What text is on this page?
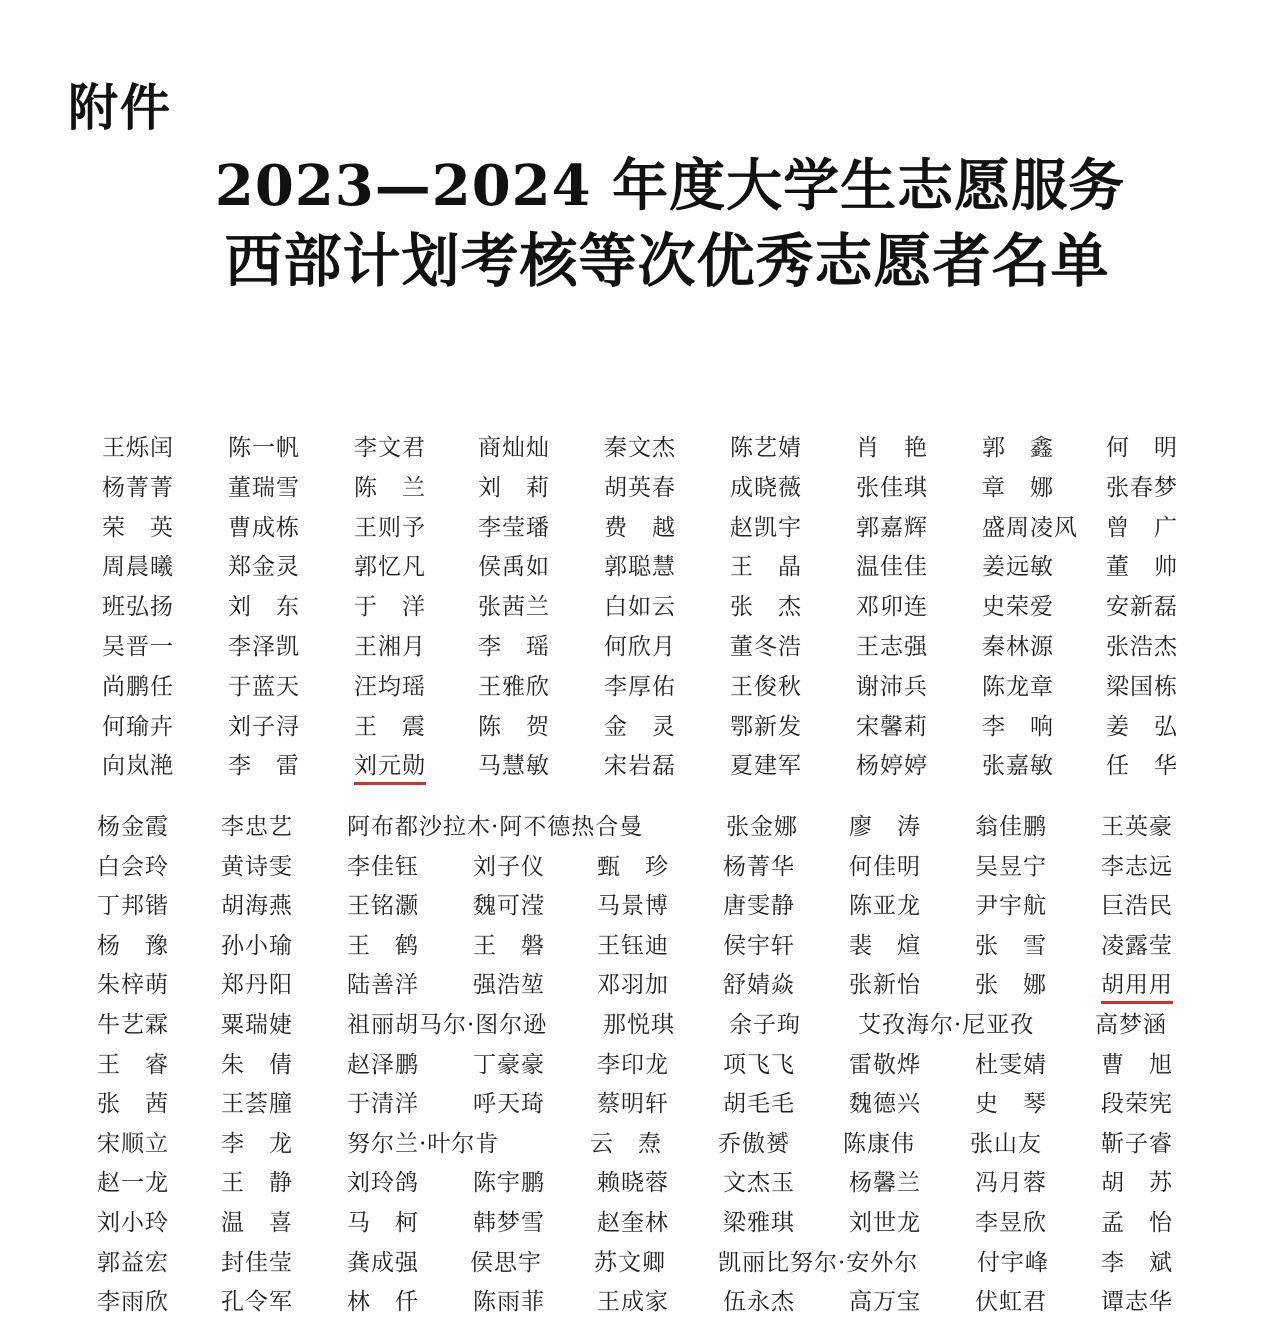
附件
2023—2024 年度大学生志愿服务
西部计划考核等次优秀志愿者名单
王烁闰 陈一帆 李文君 商灿灿 秦文杰 陈艺婧 肖　艳 郭　鑫 何　明
杨菁菁 董瑞雪 陈　兰 刘　莉 胡英春 成晓薇 张佳琪 章　娜 张春梦
荣　英 曹成栋 王则予 李莹璠 费　越 赵凯宇 郭嘉辉 盛周凌风 曾　广
周晨曦 郑金灵 郭忆凡 侯禹如 郭聪慧 王　晶 温佳佳 姜远敏 董　帅
班弘扬 刘　东 于　洋 张茜兰 白如云 张　杰 邓卯连 史荣爱 安新磊
吴晋一 李泽凯 王湘月 李　瑶 何欣月 董冬浩 王志强 秦林源 张浩杰
尚鹏任 于蓝天 汪均瑶 王雅欣 李厚佑 王俊秋 谢沛兵 陈龙章 梁国栋
何瑜卉 刘子浔 王　震 陈　贺 金　灵 鄂新发 宋馨莉 李　响 姜　弘
向岚滟 李　雷 刘元勋 马慧敏 宋岩磊 夏建军 杨婷婷 张嘉敏 任　华
杨金霞 李忠艺 阿布都沙拉木·阿不德热合曼	张金娜 廖　涛 翁佳鹏 王英豪
白会玲 黄诗雯 李佳钰 刘子仪 甄　珍 杨菁华 何佳明 吴昱宁 李志远
丁邦锴 胡海燕 王铭灏 魏可滢 马景博 唐雯静 陈亚龙 尹宇航 巨浩民
杨　豫 孙小瑜 王　鹤 王　磐 王钰迪 侯宇轩 裴　煊 张　雪 凌露莹
朱梓萌 郑丹阳 陆善洋 强浩堃 邓羽加 舒婧焱 张新怡 张　娜 胡用用
牛艺霖 粟瑞婕 祖丽胡马尔·图尔逊 那悦琪 余子珣 艾孜海尔·尼亚孜	高梦涵
王　睿 朱　倩 赵泽鹏 丁豪豪 李印龙 项飞飞 雷敬烨 杜雯婧 曹　旭
张　茜 王荟朣 于清洋 呼天琦 蔡明轩 胡毛毛 魏德兴 史　琴 段荣宪
宋顺立 李　龙 努尔兰·叶尔肯	云　焘 乔傲赟 陈康伟 张山友	靳子睿
赵一龙 王　静 刘玲鸽 陈宇鹏 赖晓蓉 文杰玉 杨馨兰 冯月蓉 胡　苏
刘小玲 温　喜 马　柯 韩梦雪 赵奎林 梁雅琪 刘世龙 李昱欣 孟　怡
郭益宏 封佳莹 龚成强 侯思宇 苏文卿 凯丽比努尔·安外尔	付宇峰 李　斌
李雨欣 孔令军 林　仟 陈雨菲 王成家 伍永杰 高万宝 伏虹君 谭志华
